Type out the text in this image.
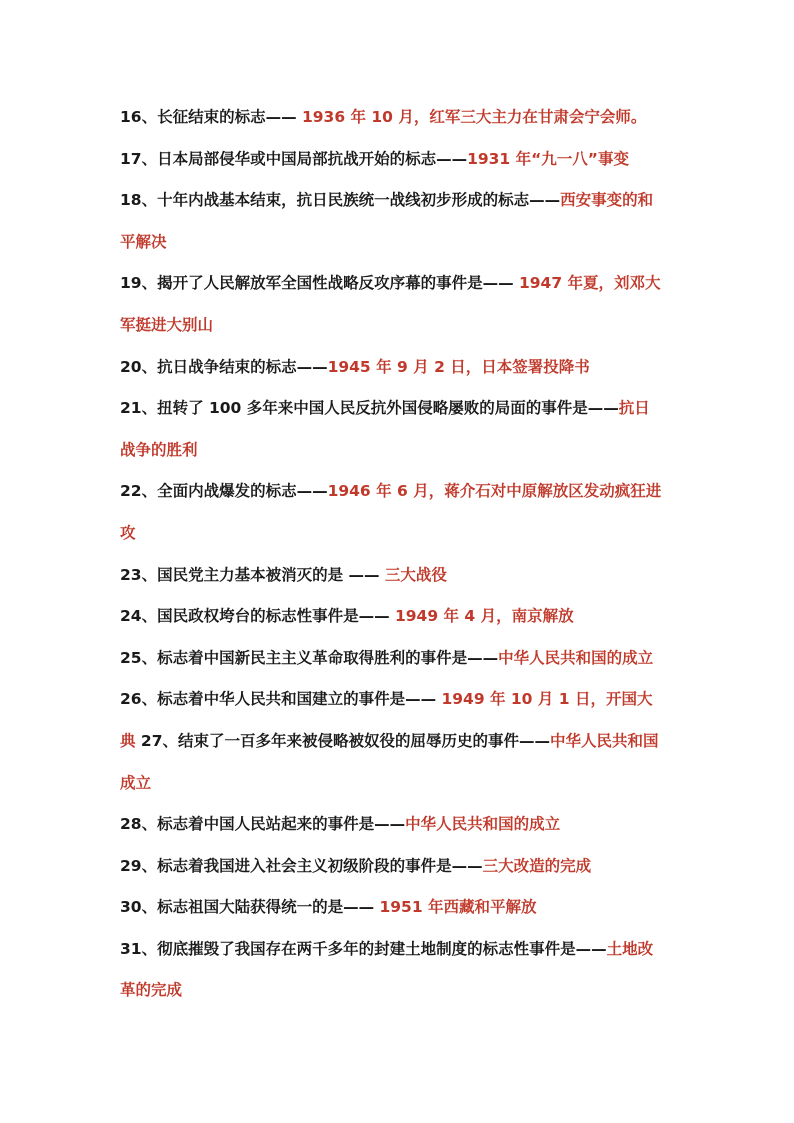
16、长征结束的标志—— 1936 年 10 月，红军三大主力在甘肃会宁会师。
17、日本局部侵华或中国局部抗战开始的标志——1931 年“九一八”事变
18、十年内战基本结束，抗日民族统一战线初步形成的标志——西安事变的和
平解决
19、揭开了人民解放军全国性战略反攻序幕的事件是—— 1947 年夏，刘邓大
军挺进大别山
20、抗日战争结束的标志——1945 年 9 月 2 日，日本签署投降书
21、扭转了 100 多年来中国人民反抗外国侵略屡败的局面的事件是——抗日
战争的胜利
22、全面内战爆发的标志——1946 年 6 月，蒋介石对中原解放区发动疯狂进
攻
23、国民党主力基本被消灭的是 —— 三大战役
24、国民政权垮台的标志性事件是—— 1949 年 4 月，南京解放
25、标志着中国新民主主义革命取得胜利的事件是——中华人民共和国的成立
26、标志着中华人民共和国建立的事件是—— 1949 年 10 月 1 日，开国大
典 27、结束了一百多年来被侵略被奴役的屈辱历史的事件——中华人民共和国
成立
28、标志着中国人民站起来的事件是——中华人民共和国的成立
29、标志着我国进入社会主义初级阶段的事件是——三大改造的完成
30、标志祖国大陆获得统一的是—— 1951 年西藏和平解放
31、彻底摧毁了我国存在两千多年的封建土地制度的标志性事件是——土地改
革的完成
